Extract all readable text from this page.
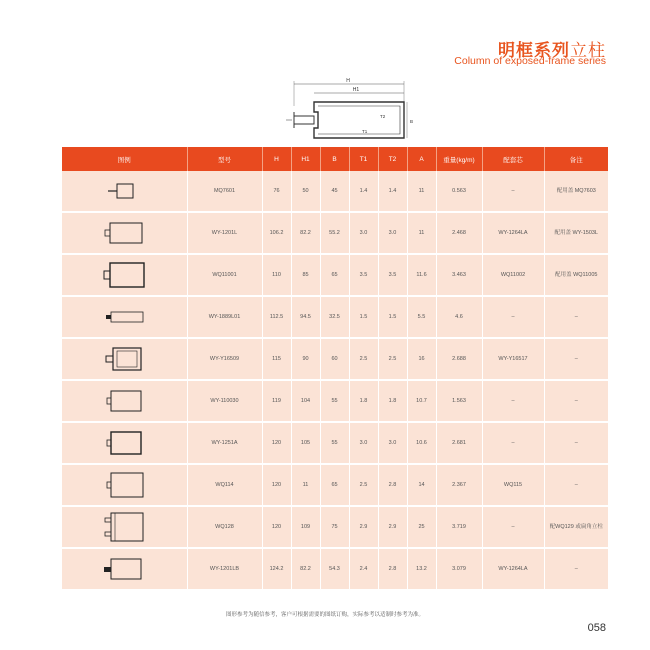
明框系列立柱
Column of exposed-frame series
H
H1
T2
B
T1
图例	型号	H	H1	B	T1	T2	A	重量(kg/m)	配套芯	备注

	MQ7601	76	50	45	1.4	1.4	11	0.563	–	配用盖 MQ7603

	WY-1201L	106.2	82.2	55.2	3.0	3.0	11	2.468	WY-1264LA	配用盖 WY-1503L

	WQ11001	110	85	65	3.5	3.5	11.6	3.463	WQ11002	配用盖 WQ11005

	WY-1889L01	112.5	94.5	32.5	1.5	1.5	5.5	4.6	–	–

	WY-Y16509	115	90	60	2.5	2.5	16	2.688	WY-Y16517	–

	WY-110030	119	104	55	1.8	1.8	10.7	1.563	–	–

	WY-1251A	120	105	55	3.0	3.0	10.6	2.681	–	–

	WQ114	120	11	65	2.5	2.8	14	2.367	WQ115	–

	WQ128	120	109	75	2.9	2.9	25	3.719	–	配WQ129 或扁角立柱

	WY-1201LB	124.2	82.2	54.3	2.4	2.8	13.2	3.079	WY-1264LA	–
图形参考为随信参考，客户可根据需要的图纸订购，实际参考以适制时参考为准。
058
